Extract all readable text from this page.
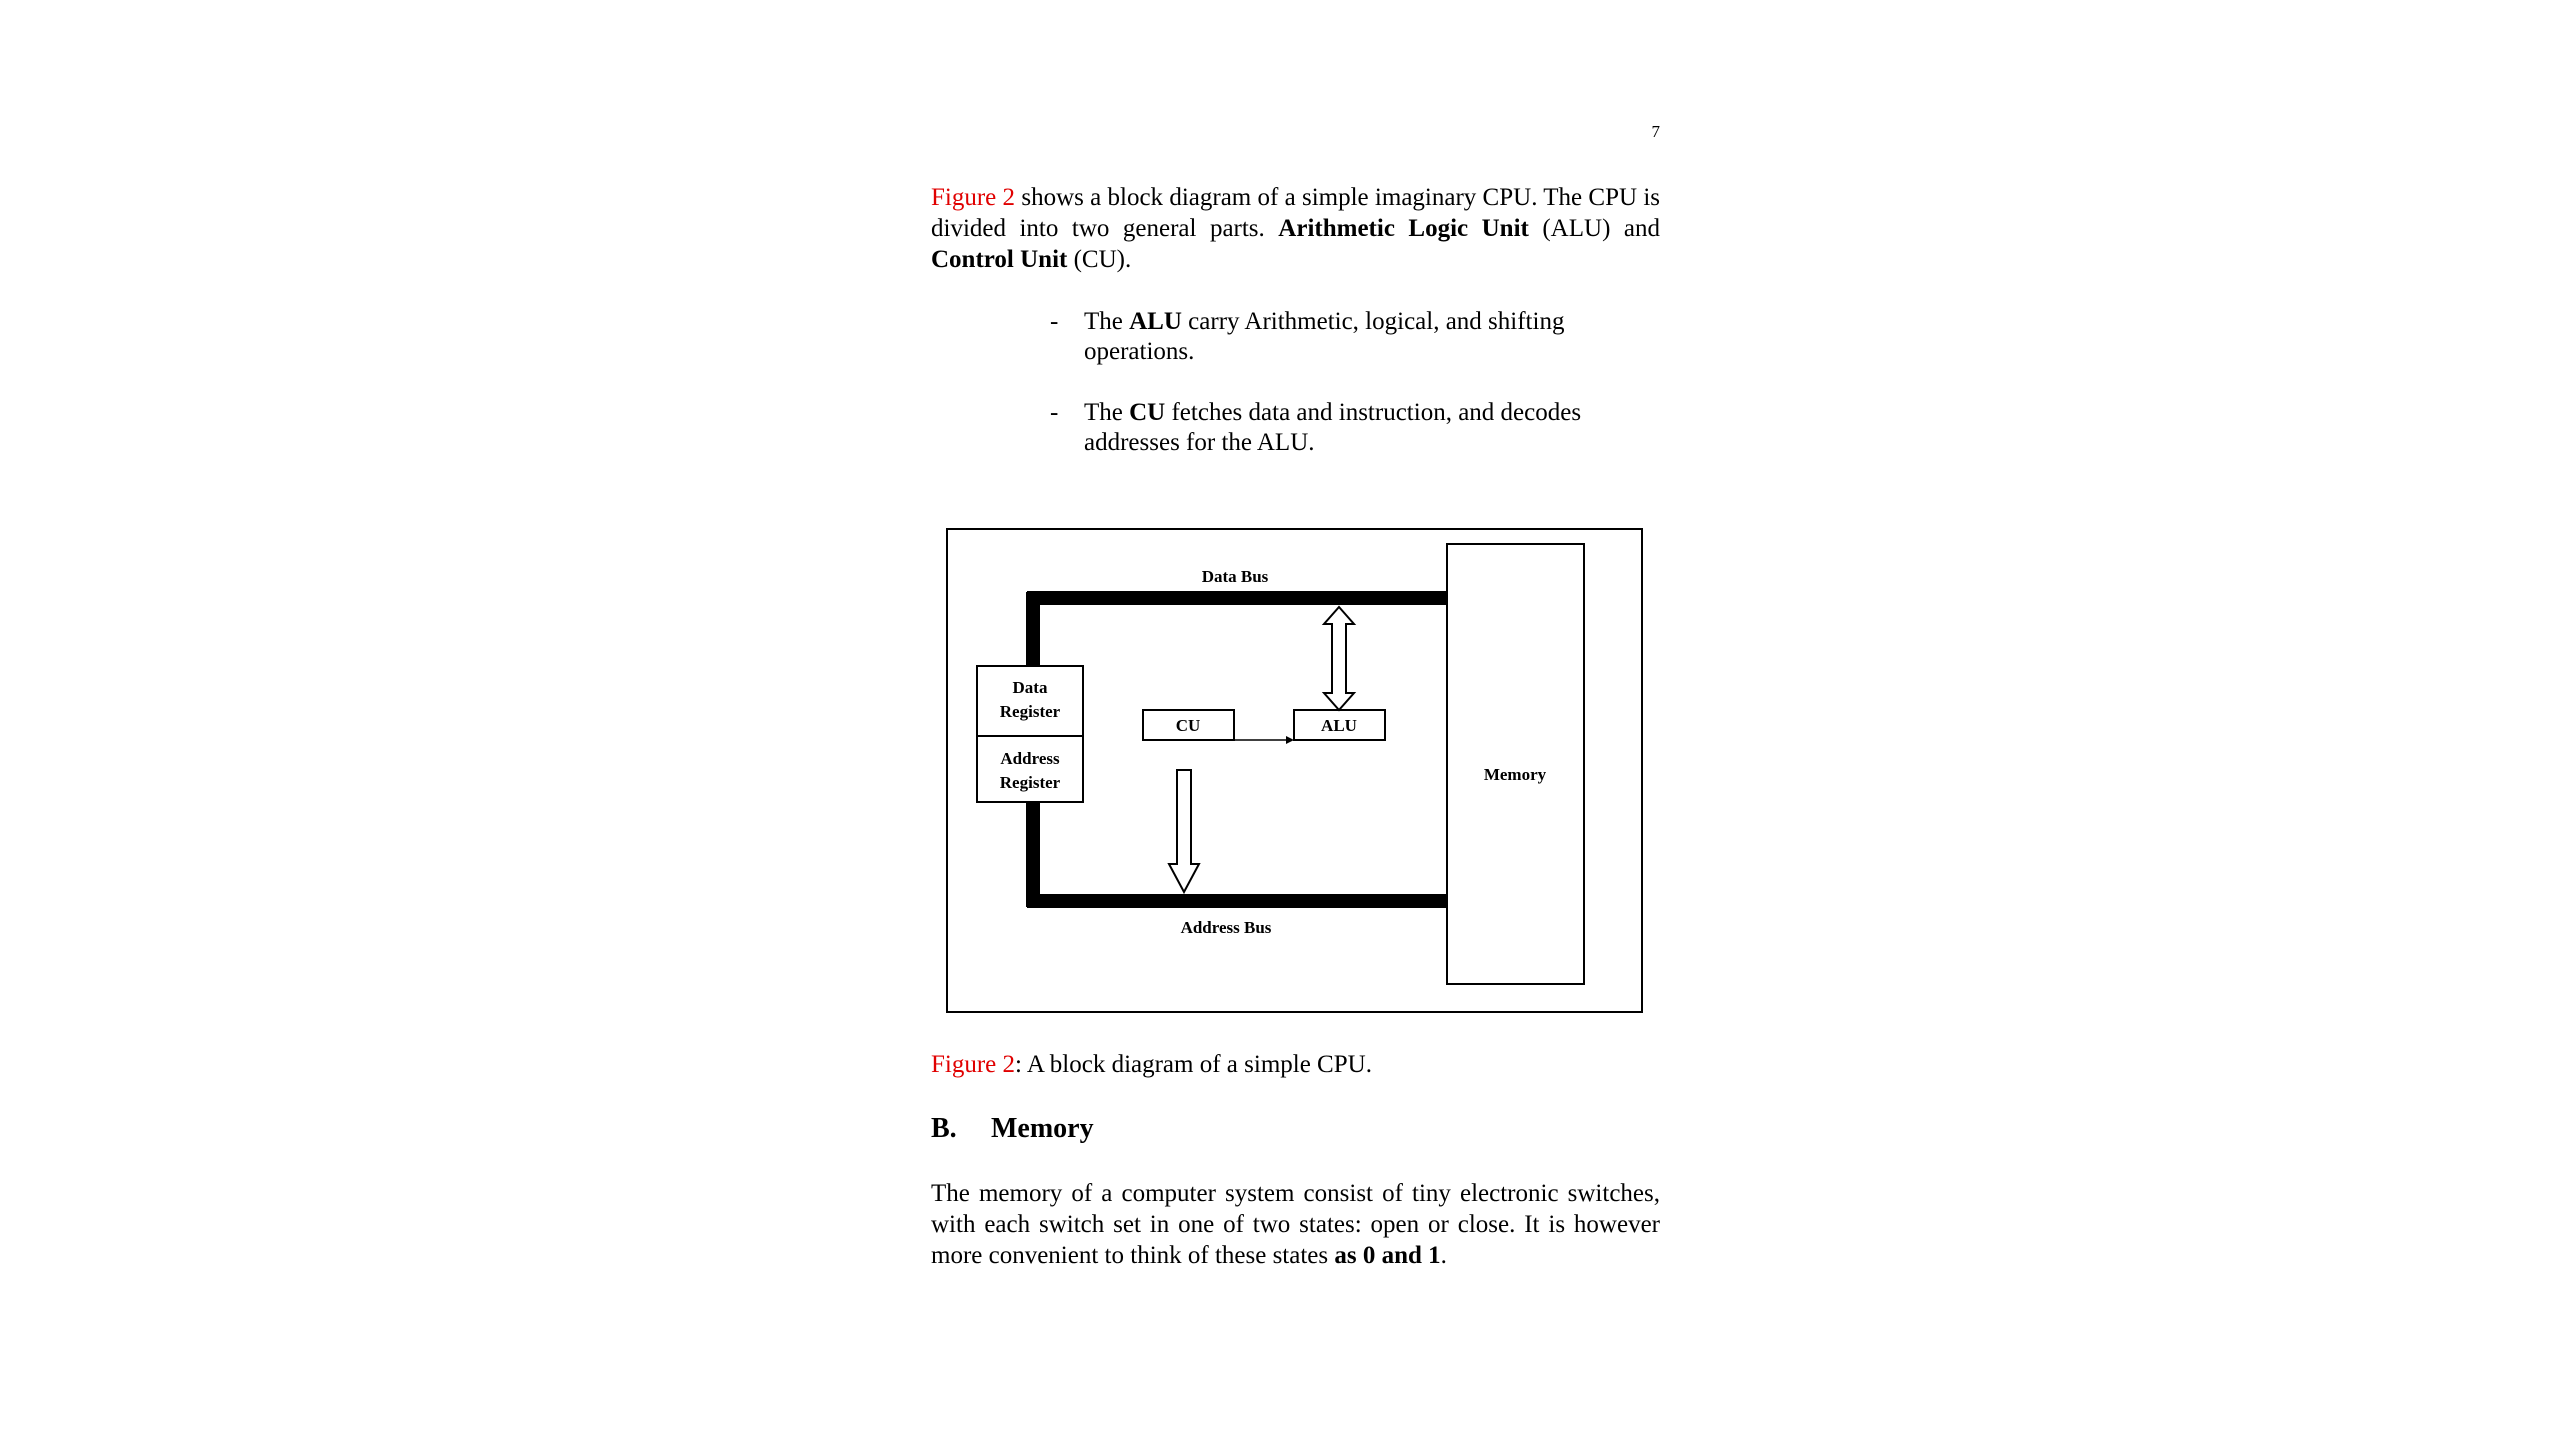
7

Figure 2 shows a block diagram of a simple imaginary CPU. The CPU is divided into two general parts. Arithmetic Logic Unit (ALU) and Control Unit (CU).

- The ALU carry Arithmetic, logical, and shifting operations.
- The CU fetches data and instruction, and decodes addresses for the ALU.
Memory
Data
Register
Address
Register
CU	ALU
Data Bus
Address Bus
Figure 2: A block diagram of a simple CPU.
B. Memory

The memory of a computer system consist of tiny electronic switches, with each switch set in one of two states: open or close. It is however more convenient to think of these states as 0 and 1.
